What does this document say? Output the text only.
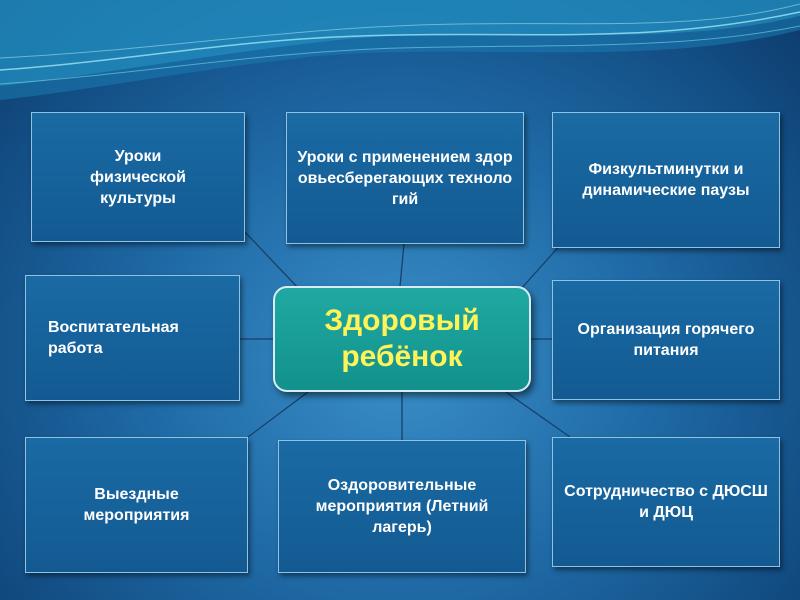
Уроки физической культуры
Уроки с применением здоровьесберегающих технологий
Физкультминутки и динамические паузы
Воспитательная работа
Здоровый ребёнок
Организация горячего питания
Выездные мероприятия
Оздоровительные мероприятия (Летний лагерь)
Сотрудничество с ДЮСШ и ДЮЦ
